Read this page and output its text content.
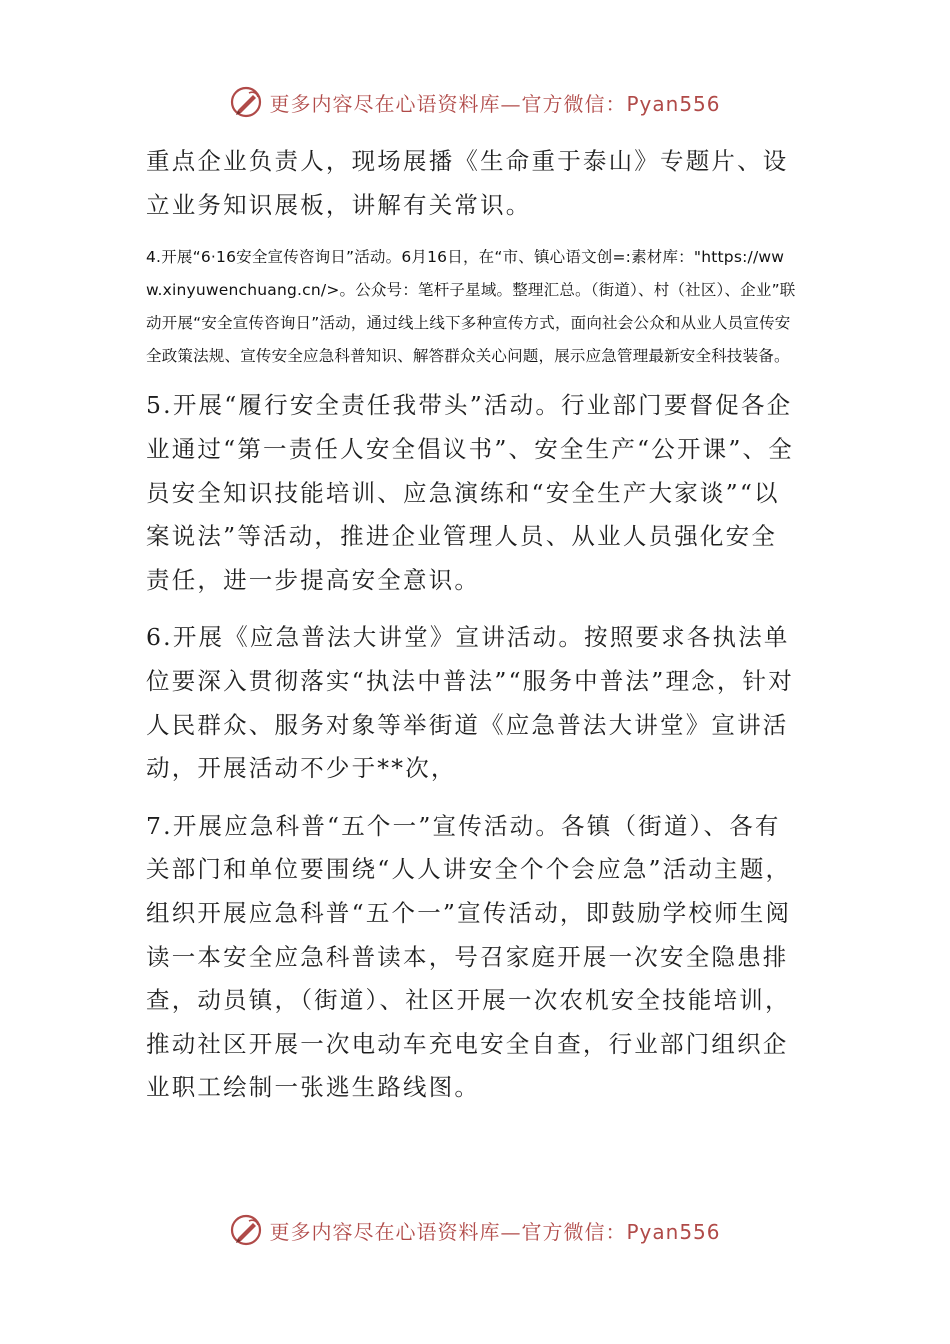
更多内容尽在心语资料库—官方微信：Pyan556

重点企业负责人，现场展播《生命重于泰山》专题片、设立业务知识展板，讲解有关常识。

4.开展“6·16安全宣传咨询日”活动。6月16日，在“市、镇心语文创=:素材库："https://www.xinyuwenchuang.cn/>。公众号：笔杆子星域。整理汇总。（街道）、村（社区）、企业”联动开展“安全宣传咨询日”活动，通过线上线下多种宣传方式，面向社会公众和从业人员宣传安全政策法规、宣传安全应急科普知识、解答群众关心问题，展示应急管理最新安全科技装备。

5.开展“履行安全责任我带头”活动。行业部门要督促各企业通过“第一责任人安全倡议书”、安全生产“公开课”、全员安全知识技能培训、应急演练和“安全生产大家谈”“以案说法”等活动，推进企业管理人员、从业人员强化安全责任，进一步提高安全意识。

6.开展《应急普法大讲堂》宣讲活动。按照要求各执法单位要深入贯彻落实“执法中普法”“服务中普法”理念，针对人民群众、服务对象等举街道《应急普法大讲堂》宣讲活动，开展活动不少于**次，

7.开展应急科普“五个一”宣传活动。各镇（街道）、各有关部门和单位要围绕“人人讲安全个个会应急”活动主题，组织开展应急科普“五个一”宣传活动，即鼓励学校师生阅读一本安全应急科普读本，号召家庭开展一次安全隐患排查，动员镇，（街道）、社区开展一次农机安全技能培训，推动社区开展一次电动车充电安全自查，行业部门组织企业职工绘制一张逃生路线图。

更多内容尽在心语资料库—官方微信：Pyan556
